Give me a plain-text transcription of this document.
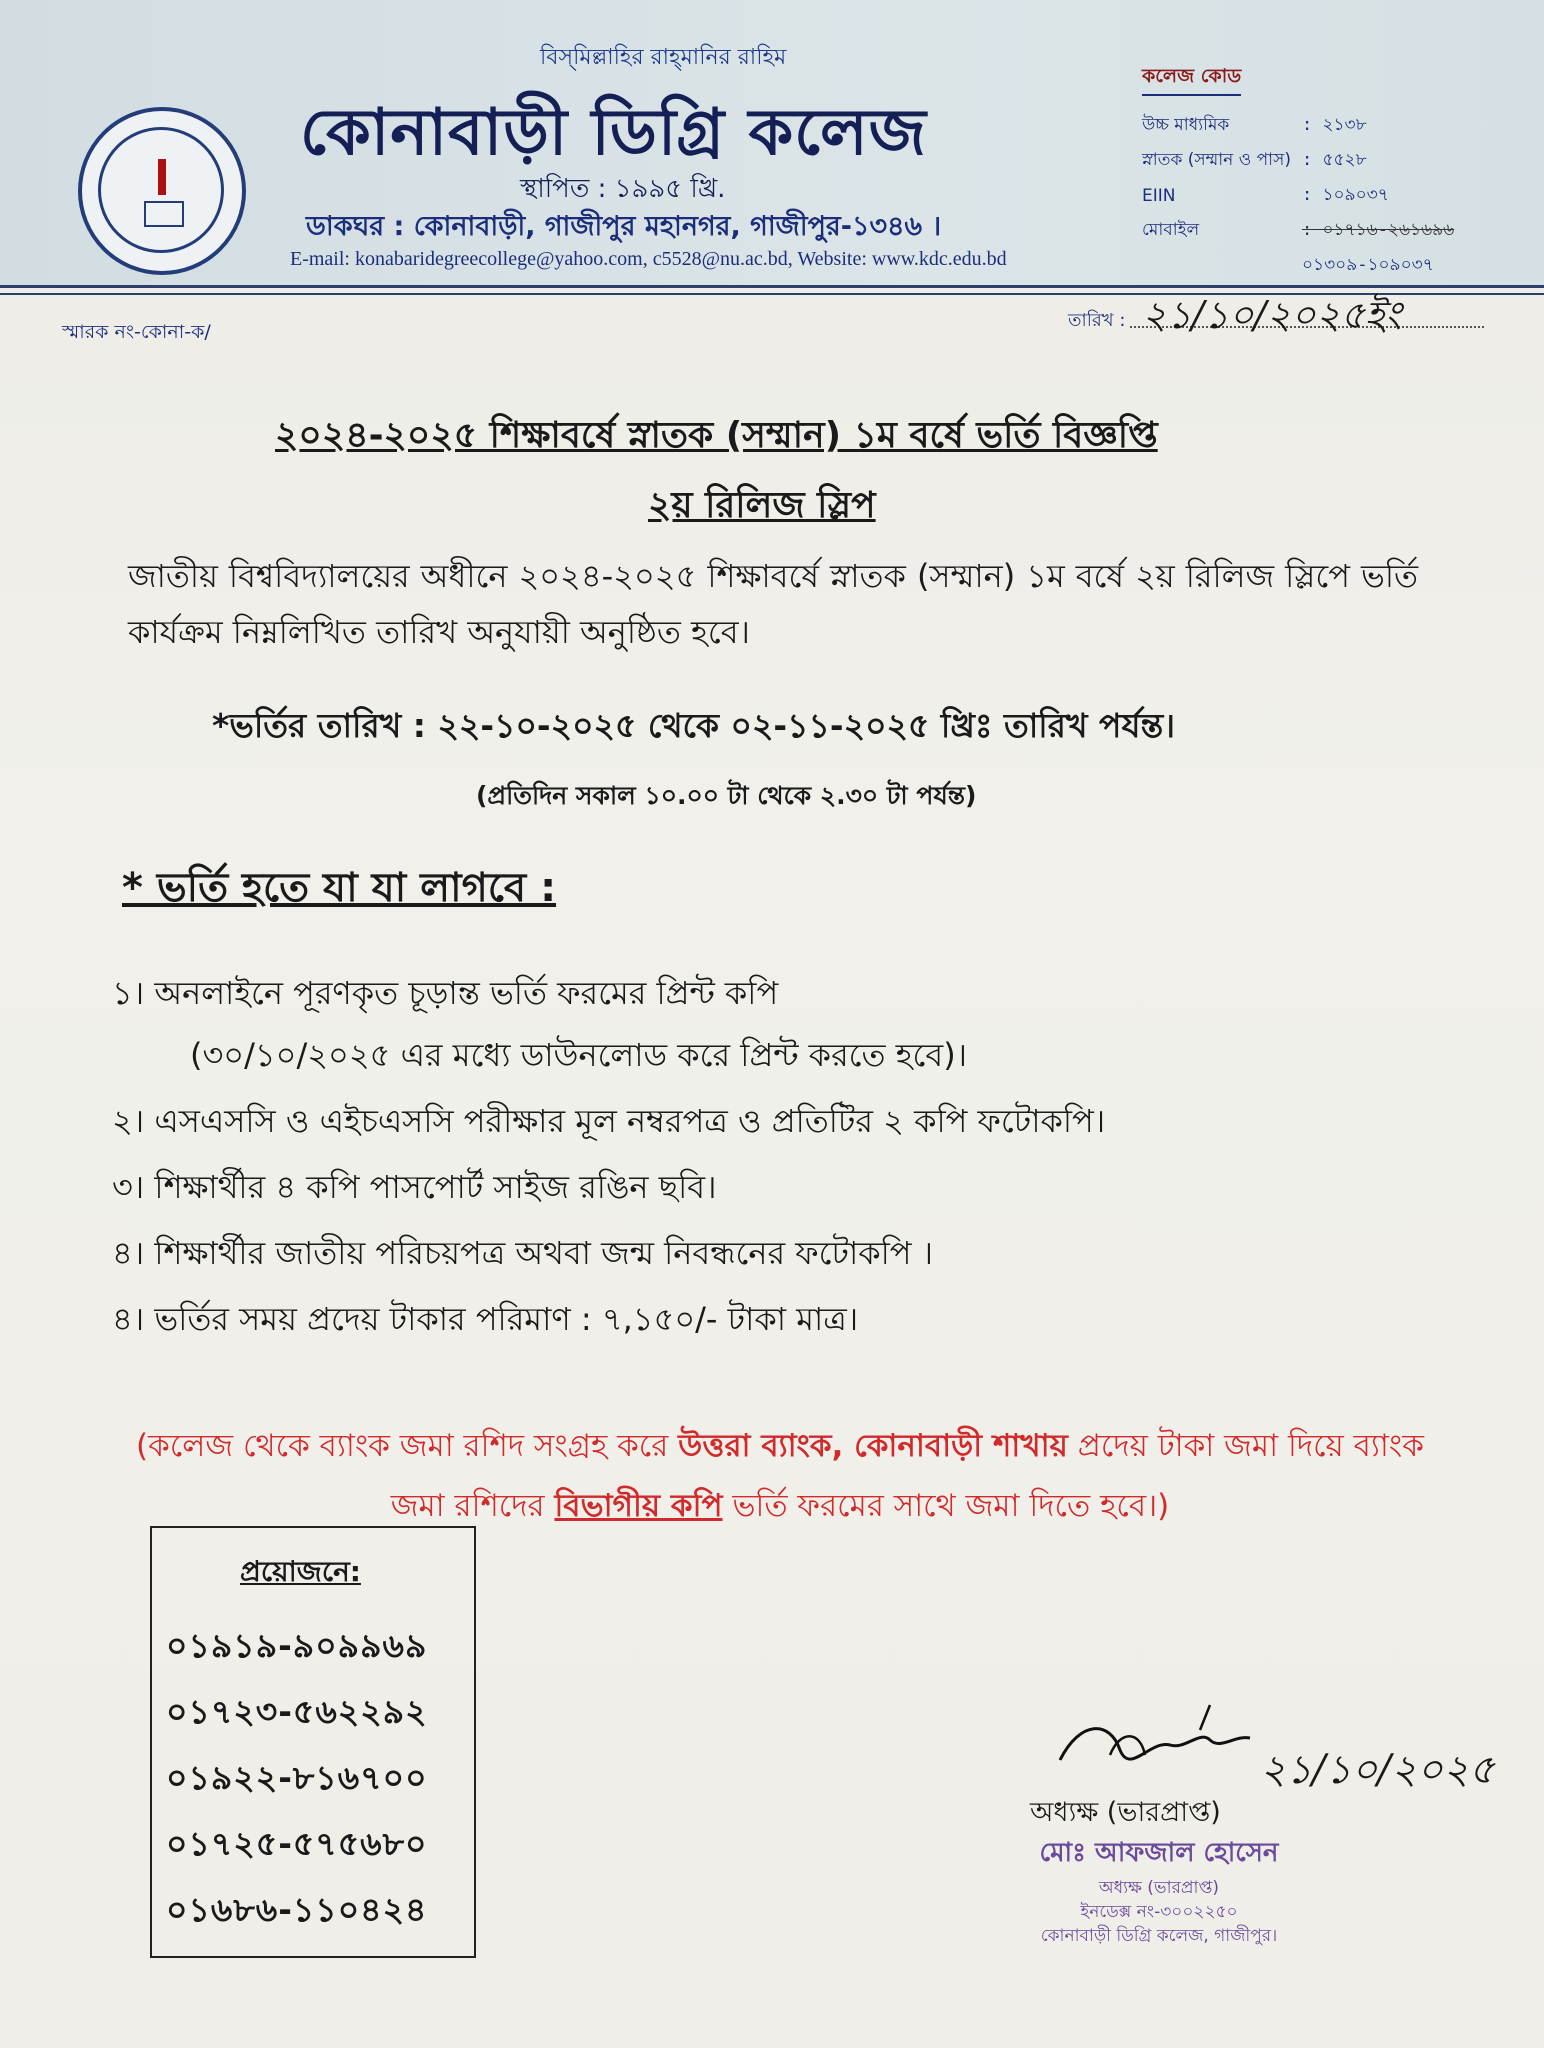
বিস্‌মিল্লাহির রাহ্‌মানির রাহিম
কোনাবাড়ী ডিগ্রি কলেজ
স্থাপিত : ১৯৯৫ খ্রি.
ডাকঘর : কোনাবাড়ী, গাজীপুর মহানগর, গাজীপুর-১৩৪৬ ।
E-mail: konabaridegreecollege@yahoo.com, c5528@nu.ac.bd, Website: www.kdc.edu.bd
কলেজ কোড
উচ্চ মাধ্যমিক	: ২১৩৮
স্নাতক (সম্মান ও পাস) : ৫৫২৮
EIIN	: ১০৯০৩৭
মোবাইল	: ০১৭১৬-২৬১৬৯৬
০১৩০৯-১০৯০৩৭
স্মারক নং-কোনা-ক/
তারিখ : ২১/১০/২০২৫ইং
২০২৪-২০২৫ শিক্ষাবর্ষে স্নাতক (সম্মান) ১ম বর্ষে ভর্তি বিজ্ঞপ্তি
২য় রিলিজ স্লিপ
জাতীয় বিশ্ববিদ্যালয়ের অধীনে ২০২৪-২০২৫ শিক্ষাবর্ষে স্নাতক (সম্মান) ১ম বর্ষে ২য় রিলিজ স্লিপে ভর্তি কার্যক্রম নিম্নলিখিত তারিখ অনুযায়ী অনুষ্ঠিত হবে।
*ভর্তির তারিখ : ২২-১০-২০২৫ থেকে ০২-১১-২০২৫ খ্রিঃ তারিখ পর্যন্ত।
(প্রতিদিন সকাল ১০.০০ টা থেকে ২.৩০ টা পর্যন্ত)
* ভর্তি হতে যা যা লাগবে :
১। অনলাইনে পূরণকৃত চূড়ান্ত ভর্তি ফরমের প্রিন্ট কপি
(৩০/১০/২০২৫ এর মধ্যে ডাউনলোড করে প্রিন্ট করতে হবে)।
২। এসএসসি ও এইচএসসি পরীক্ষার মূল নম্বরপত্র ও প্রতিটির ২ কপি ফটোকপি।
৩। শিক্ষার্থীর ৪ কপি পাসপোর্ট সাইজ রঙিন ছবি।
৪। শিক্ষার্থীর জাতীয় পরিচয়পত্র অথবা জন্ম নিবন্ধনের ফটোকপি ।
৪। ভর্তির সময় প্রদেয় টাকার পরিমাণ : ৭,১৫০/- টাকা মাত্র।
(কলেজ থেকে ব্যাংক জমা রশিদ সংগ্রহ করে উত্তরা ব্যাংক, কোনাবাড়ী শাখায় প্রদেয় টাকা জমা দিয়ে ব্যাংক জমা রশিদের বিভাগীয় কপি ভর্তি ফরমের সাথে জমা দিতে হবে।)
প্রয়োজনে:
০১৯১৯-৯০৯৯৬৯
০১৭২৩-৫৬২২৯২
০১৯২২-৮১৬৭০০
০১৭২৫-৫৭৫৬৮০
০১৬৮৬-১১০৪২৪
২১/১০/২০২৫
অধ্যক্ষ (ভারপ্রাপ্ত)
মোঃ আফজাল হোসেন
অধ্যক্ষ (ভারপ্রাপ্ত)
ইনডেক্স নং-৩০০২২৫০
কোনাবাড়ী ডিগ্রি কলেজ, গাজীপুর।
